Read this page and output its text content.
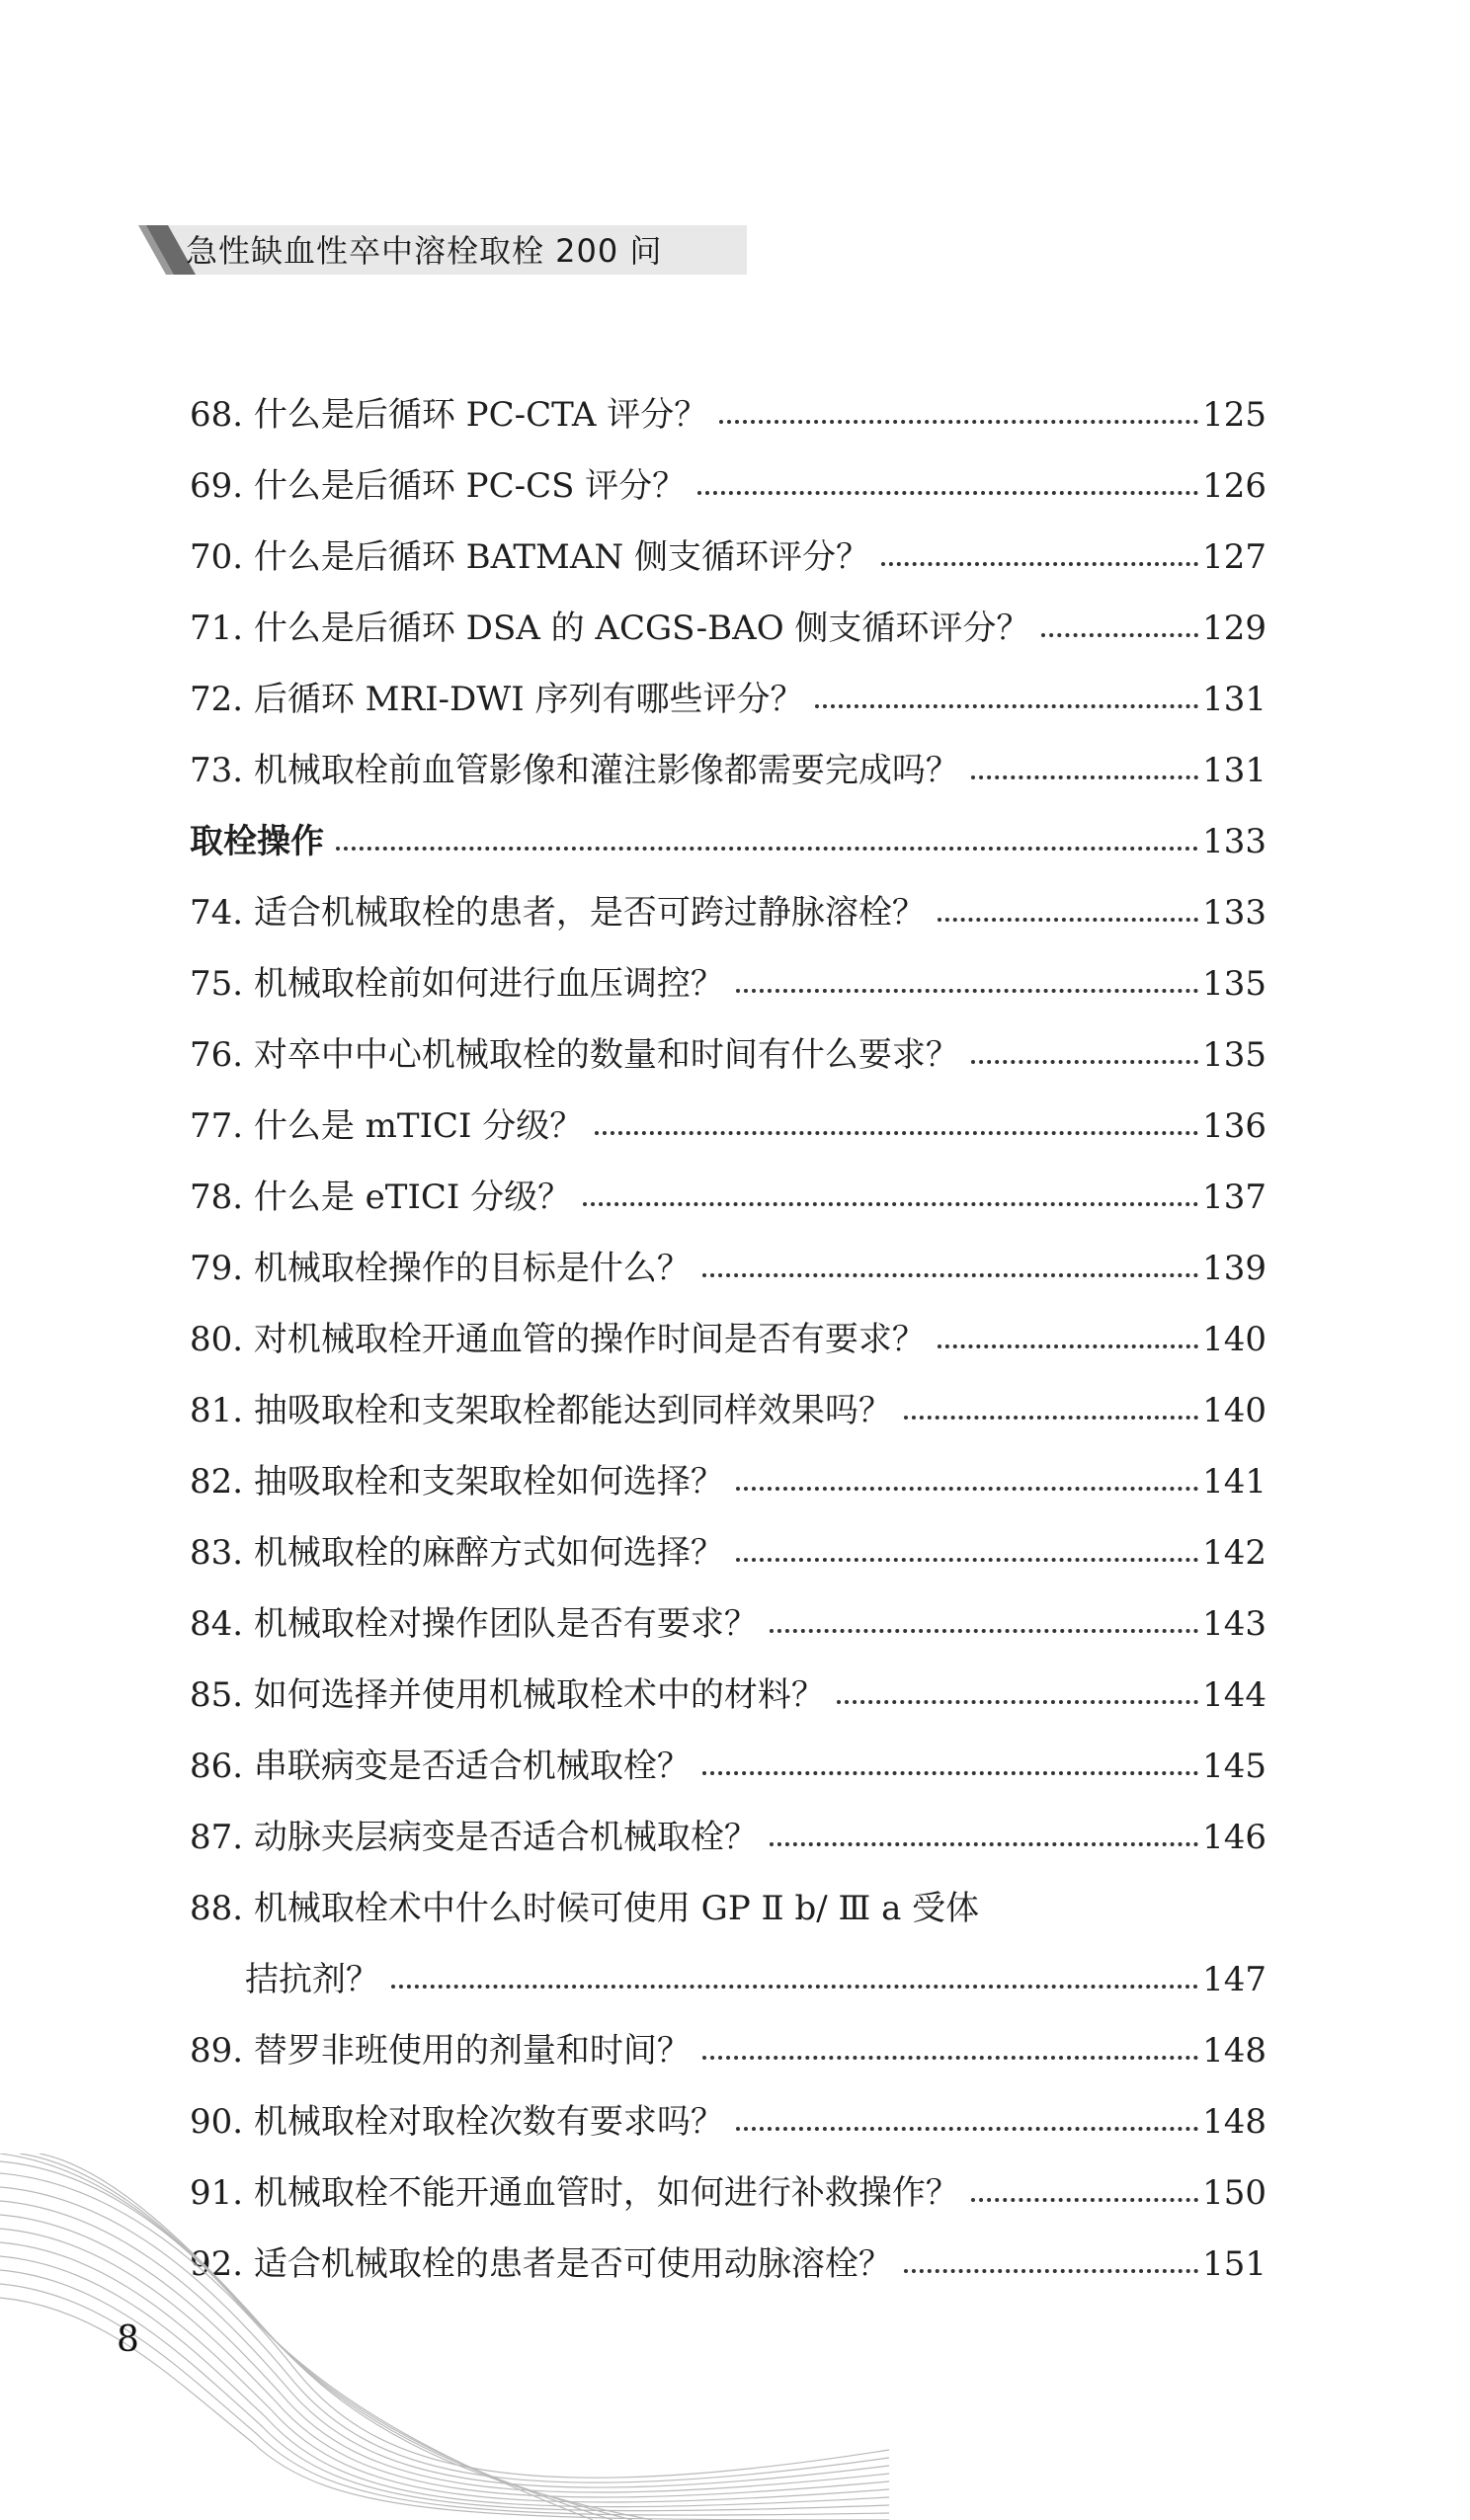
急性缺血性卒中溶栓取栓 200 问
68. 什么是后循环 PC-CTA 评分？	125
69. 什么是后循环 PC-CS 评分？	126
70. 什么是后循环 BATMAN 侧支循环评分？	127
71. 什么是后循环 DSA 的 ACGS-BAO 侧支循环评分？	129
72. 后循环 MRI-DWI 序列有哪些评分？	131
73. 机械取栓前血管影像和灌注影像都需要完成吗？	131
取栓操作	133
74. 适合机械取栓的患者，是否可跨过静脉溶栓？	133
75. 机械取栓前如何进行血压调控？	135
76. 对卒中中心机械取栓的数量和时间有什么要求？	135
77. 什么是 mTICI 分级？	136
78. 什么是 eTICI 分级？	137
79. 机械取栓操作的目标是什么？	139
80. 对机械取栓开通血管的操作时间是否有要求？	140
81. 抽吸取栓和支架取栓都能达到同样效果吗？	140
82. 抽吸取栓和支架取栓如何选择？	141
83. 机械取栓的麻醉方式如何选择？	142
84. 机械取栓对操作团队是否有要求？	143
85. 如何选择并使用机械取栓术中的材料？	144
86. 串联病变是否适合机械取栓？	145
87. 动脉夹层病变是否适合机械取栓？	146
88. 机械取栓术中什么时候可使用 GP Ⅱ b/ Ⅲ a 受体
拮抗剂？	147
89. 替罗非班使用的剂量和时间？	148
90. 机械取栓对取栓次数有要求吗？	148
91. 机械取栓不能开通血管时，如何进行补救操作？	150
92. 适合机械取栓的患者是否可使用动脉溶栓？	151
8
